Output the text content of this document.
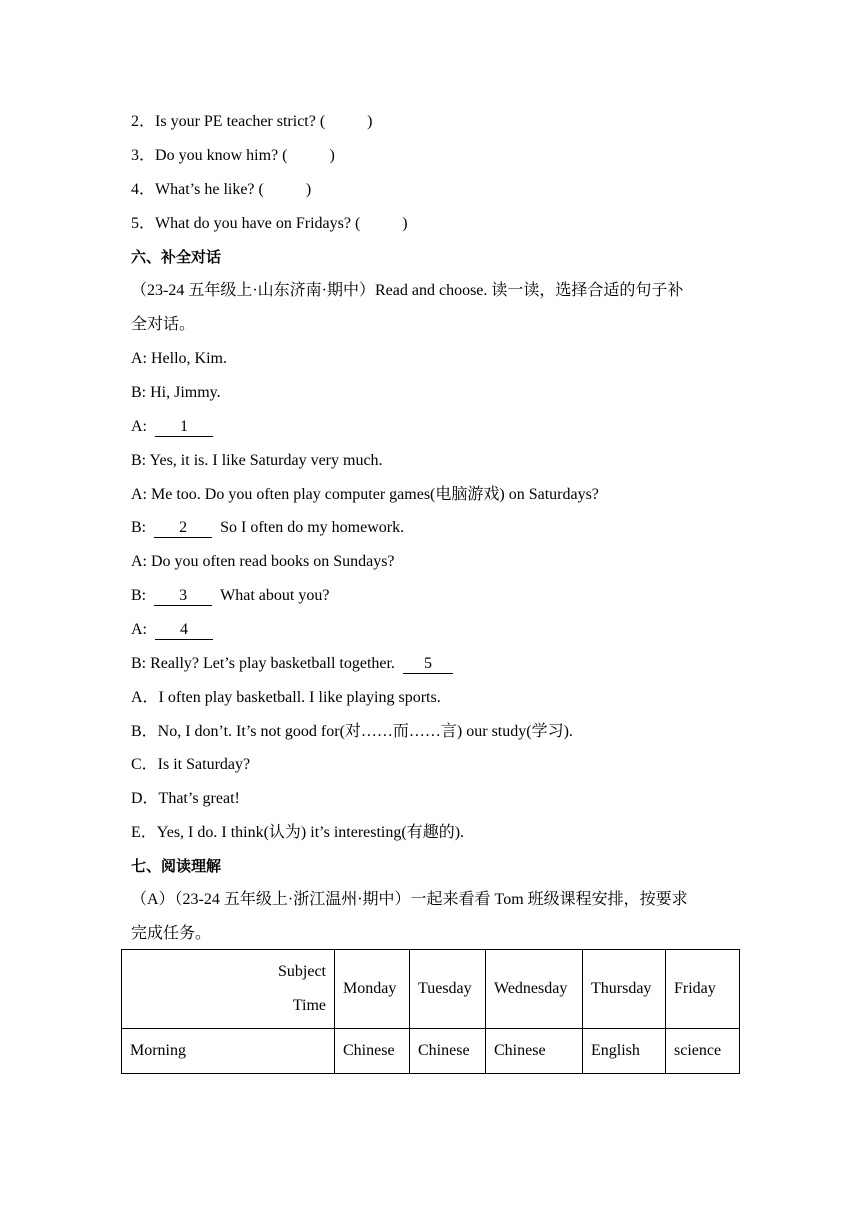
2．Is your PE teacher strict? (	)
3．Do you know him? (	)
4．What’s he like? (	)
5．What do you have on Fridays? (	)
六、补全对话
（23-24 五年级上·山东济南·期中）Read and choose. 读一读，选择合适的句子补
全对话。
A: Hello, Kim.
B: Hi, Jimmy.
A: 1
B: Yes, it is. I like Saturday very much.
A: Me too. Do you often play computer games(电脑游戏) on Saturdays?
B: 2 So I often do my homework.
A: Do you often read books on Sundays?
B: 3 What about you?
A: 4
B: Really? Let’s play basketball together. 5
A．I often play basketball. I like playing sports.
B．No, I don’t. It’s not good for(对……而……言) our study(学习).
C．Is it Saturday?
D．That’s great!
E．Yes, I do. I think(认为) it’s interesting(有趣的).
七、阅读理解
（A）（23-24 五年级上·浙江温州·期中）一起来看看 Tom 班级课程安排，按要求
完成任务。
Subject
Time	Monday	Tuesday	Wednesday	Thursday	Friday
Morning	Chinese	Chinese	Chinese	English	science
